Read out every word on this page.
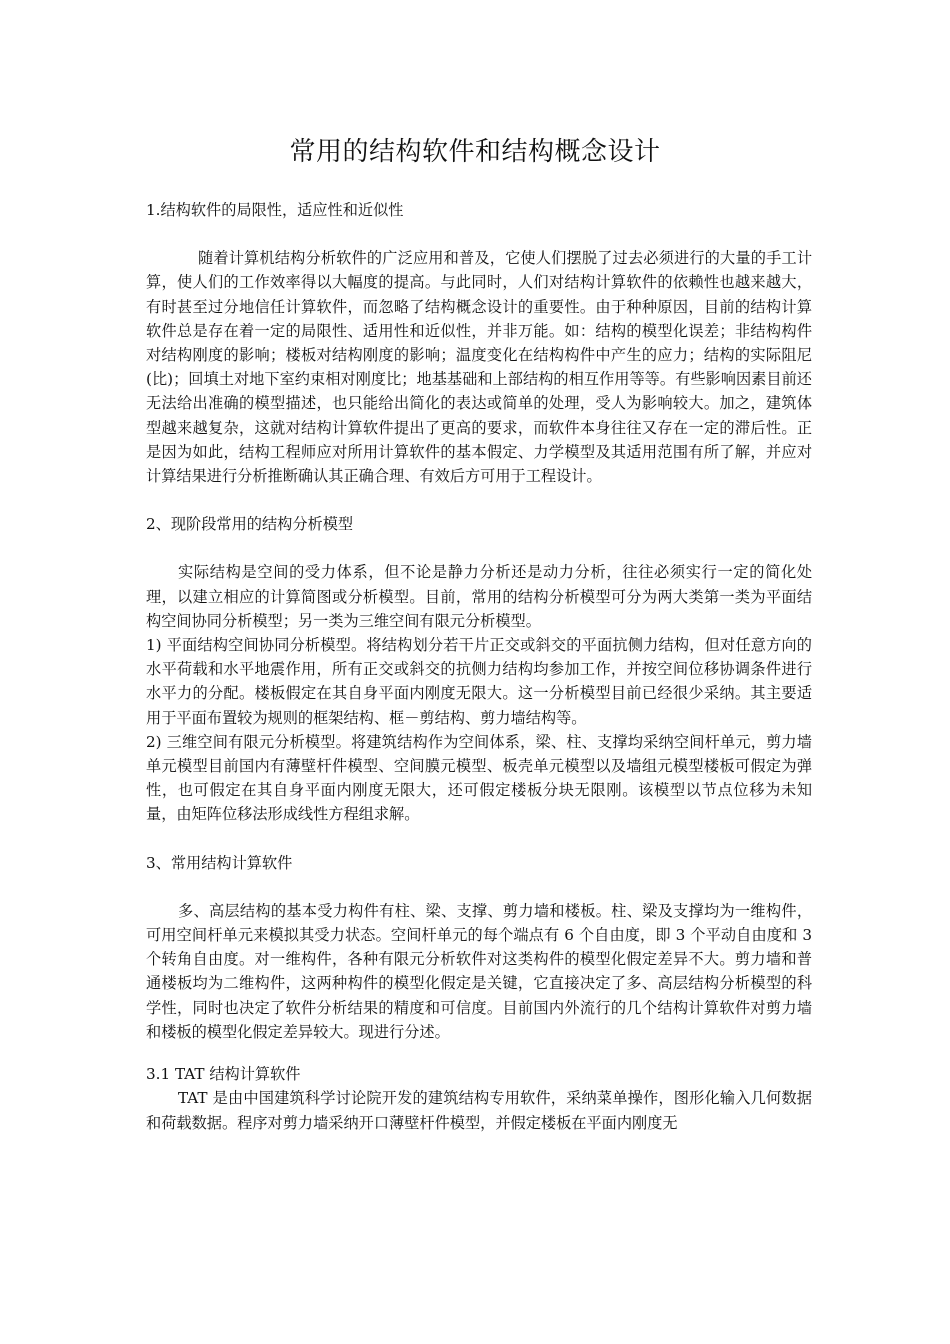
常用的结构软件和结构概念设计

1.结构软件的局限性，适应性和近似性

随着计算机结构分析软件的广泛应用和普及，它使人们摆脱了过去必须进行的大量的手工计算，使人们的工作效率得以大幅度的提高。与此同时，人们对结构计算软件的依赖性也越来越大，有时甚至过分地信任计算软件，而忽略了结构概念设计的重要性。由于种种原因，目前的结构计算软件总是存在着一定的局限性、适用性和近似性，并非万能。如：结构的模型化误差；非结构构件对结构刚度的影响；楼板对结构刚度的影响；温度变化在结构构件中产生的应力；结构的实际阻尼(比)；回填土对地下室约束相对刚度比；地基基础和上部结构的相互作用等等。有些影响因素目前还无法给出准确的模型描述，也只能给出简化的表达或简单的处理，受人为影响较大。加之，建筑体型越来越复杂，这就对结构计算软件提出了更高的要求，而软件本身往往又存在一定的滞后性。正是因为如此，结构工程师应对所用计算软件的基本假定、力学模型及其适用范围有所了解，并应对计算结果进行分析推断确认其正确合理、有效后方可用于工程设计。

2、现阶段常用的结构分析模型

实际结构是空间的受力体系，但不论是静力分析还是动力分析，往往必须实行一定的简化处理，以建立相应的计算简图或分析模型。目前，常用的结构分析模型可分为两大类第一类为平面结构空间协同分析模型；另一类为三维空间有限元分析模型。

1) 平面结构空间协同分析模型。将结构划分若干片正交或斜交的平面抗侧力结构，但对任意方向的水平荷载和水平地震作用，所有正交或斜交的抗侧力结构均参加工作，并按空间位移协调条件进行水平力的分配。楼板假定在其自身平面内刚度无限大。这一分析模型目前已经很少采纳。其主要适用于平面布置较为规则的框架结构、框－剪结构、剪力墙结构等。

2) 三维空间有限元分析模型。将建筑结构作为空间体系，梁、柱、支撑均采纳空间杆单元，剪力墙单元模型目前国内有薄壁杆件模型、空间膜元模型、板壳单元模型以及墙组元模型楼板可假定为弹性，也可假定在其自身平面内刚度无限大，还可假定楼板分块无限刚。该模型以节点位移为未知量，由矩阵位移法形成线性方程组求解。

3、常用结构计算软件

多、高层结构的基本受力构件有柱、梁、支撑、剪力墙和楼板。柱、梁及支撑均为一维构件，可用空间杆单元来模拟其受力状态。空间杆单元的每个端点有 6 个自由度，即 3 个平动自由度和 3 个转角自由度。对一维构件，各种有限元分析软件对这类构件的模型化假定差异不大。剪力墙和普通楼板均为二维构件，这两种构件的模型化假定是关键，它直接决定了多、高层结构分析模型的科学性，同时也决定了软件分析结果的精度和可信度。目前国内外流行的几个结构计算软件对剪力墙和楼板的模型化假定差异较大。现进行分述。

3.1 TAT 结构计算软件

TAT 是由中国建筑科学讨论院开发的建筑结构专用软件，采纳菜单操作，图形化输入几何数据和荷载数据。程序对剪力墙采纳开口薄壁杆件模型，并假定楼板在平面内刚度无
